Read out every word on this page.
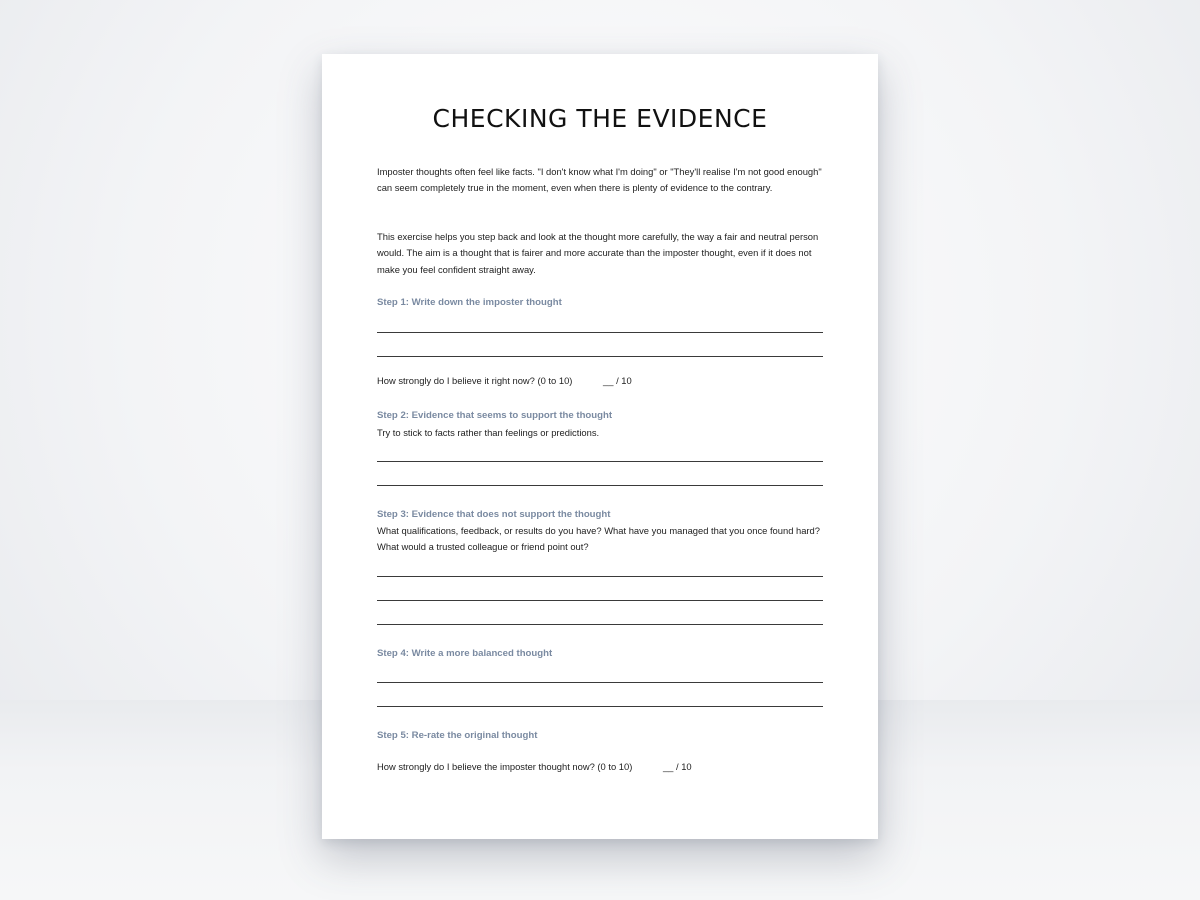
CHECKING THE EVIDENCE
Imposter thoughts often feel like facts. "I don't know what I'm doing" or "They'll realise I'm not good enough" can seem completely true in the moment, even when there is plenty of evidence to the contrary.
This exercise helps you step back and look at the thought more carefully, the way a fair and neutral person would. The aim is a thought that is fairer and more accurate than the imposter thought, even if it does not make you feel confident straight away.
Step 1: Write down the imposter thought
How strongly do I believe it right now? (0 to 10)	__ / 10
Step 2: Evidence that seems to support the thought
Try to stick to facts rather than feelings or predictions.
Step 3: Evidence that does not support the thought
What qualifications, feedback, or results do you have? What have you managed that you once found hard? What would a trusted colleague or friend point out?
Step 4: Write a more balanced thought
Step 5: Re-rate the original thought
How strongly do I believe the imposter thought now? (0 to 10)	__ / 10
